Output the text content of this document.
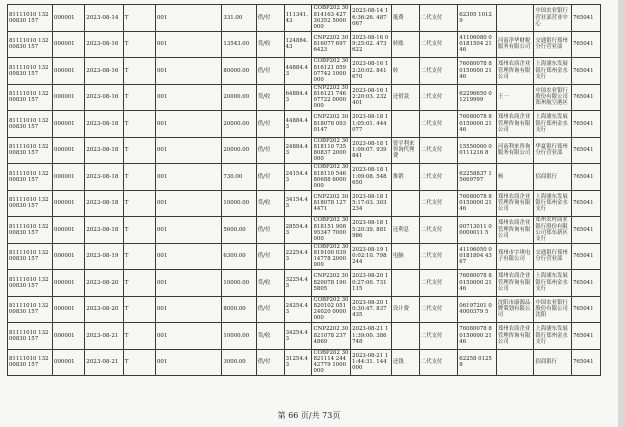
81111010 13200830 157	000001	2023-08-14	T	001	331.00	借/付	111341.43	COBP202 30814163 42730352 5000000	2023-08-14 16:36:26. 487067	抵费	二代支付	62305 10129		中国农业银行营业部营业中心	765041
81111010 13200830 157	000001	2023-08-16	T	001	13543.00	贷/收	124884.43	CNP2202 30816077 6976423	2023-08-16 09:25:02. 473622	转账	二代支付	41106080 00181504 2146	河南净华财税服务有限公司	交通银行郑州分行营业部	765041
81111010 13200830 157	000001	2023-08-16	T	001	80000.00	借/付	44884.43	COBP202 30816121 85907742 1000000	2023-08-16 12:20:02. 841670	转	二代支付	76080078 80150000 2146	郑州农商企业管理咨询有限公司	上海浦东发展银行郑州金水支行	765041
81111010 13200830 157	000001	2023-08-16	T	001	20000.00	贷/收	64884.43	CNP2202 30816121 74607722 0000000	2023-08-16 12:20:03. 232401	还借款	二代支付	62296650 01219999	王一	中国农业银行股份有限公司郑州航空港区	765041
81111010 13200830 157	000001	2023-08-18	T	001	20000.00	借/付	44884.43	CNP2202 30818078 0930147	2023-08-18 11:05:01. 444077		二代支付	76080078 80150000 2146	郑州农商企业管理咨询有限公司	上海浦东发展银行郑州金水支行	765041
81111010 13200830 157	000001	2023-08-18	T	001	20000.00	借/付	24884.43	COBP202 30818110 73580837 2000000	2023-08-18 11:09:07. 939841	资平利来咨询代理费	二代支付	15550000 00111216 8	河南利来咨询服务有限公司	华夏银行郑州分行营业部	765041
81111010 13200830 157	000001	2023-08-18	T	001	730.00	借/付	24154.43	COBP202 30818110 54680688 6000000	2023-08-18 11:09:08. 548650	推销	二代支付	62258837 15669797	杨	招商银行	765041
81111010 13200830 157	000001	2023-08-18	T	001	10000.00	贷/收	34154.43	CNP2202 30818078 1274471	2023-08-18 15:17:03. 303234		二代支付	76080078 80150000 2146	郑州农商企业管理咨询有限公司	上海浦东发展银行郑州金水支行	765041
81111010 13200830 157	000001	2023-08-18	T	001	5600.00	借/付	28554.43	COBP202 30818151 90895347 7000000	2023-08-18 15:20:39. 881986	还利息	二代支付	00713011 00000011 5	郑州农商企业管理咨询有限公司	郑州农村商业银行股份有限公司郑东新区支行	765041
81111010 13200830 157	000001	2023-08-19	T	001	6300.00	借/付	22254.43	COBP202 30819100 03914778 2000000	2023-08-19 10:02:10. 798244	电脑	二代支付	41106050 00181804 4367	郑州市字琪电子有限公司	交通银行郑州分行营业部	765041
81111010 13200830 157	000001	2023-08-20	T	001	10000.00	贷/收	32254.43	CNP2202 30820078 1905805	2023-08-20 10:27:00. 731115		二代支付	76080078 80150000 2146	郑州农商企业管理咨询有限公司	上海浦东发展银行郑州金水支行	765041
81111010 13200830 157	000001	2023-08-20	T	001	8000.00	借/付	24254.43	COBP202 30820102 05124020 0000000	2023-08-20 10:30:47. 837435	设计费	二代支付	06197201 04000379 5	沈阳市康源品牌策划有限公司	中国农业银行股份有限公司沈阳	765041
81111010 13200830 157	000001	2023-08-21	T	001	10000.00	贷/收	34254.43	CNP2202 30821078 2374869	2023-08-21 11:39:00. 386748		二代支付	76080078 80150000 2146	郑州农商企业管理咨询有限公司	上海浦东发展银行郑州金水支行	765041
81111010 13200830 157	000001	2023-08-21	T	001	3000.00	借/付	31254.43	COBP202 30821114 24442779 1000000	2023-08-21 11:44:31. 144000	还钱	二代支付	62258 01258		招商银行	765041
第 66 页/共 73页
